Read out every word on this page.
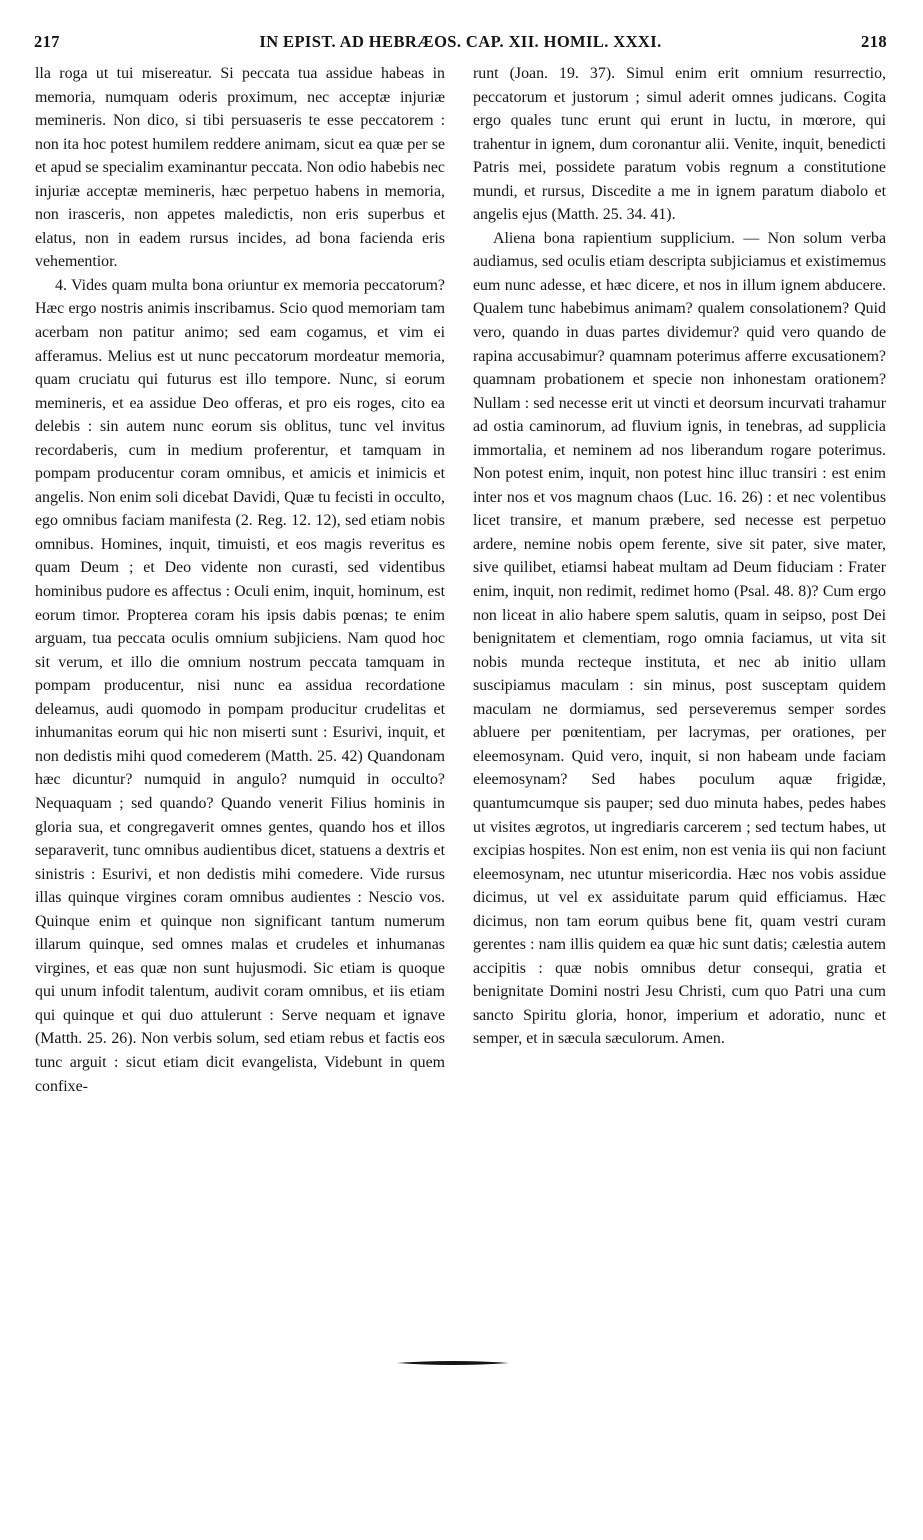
217	IN EPIST. AD HEBRÆOS. CAP. XII. HOMIL. XXXI.	218

lla roga ut tui misereatur. Si peccata tua assidue habeas in memoria, numquam oderis proximum, nec acceptæ injuriæ memineris. Non dico, si tibi persuaseris te esse peccatorem : non ita hoc potest humilem reddere animam, sicut ea quæ per se et apud se specialim examinantur peccata. Non odio habebis nec injuriæ acceptæ memineris, hæc perpetuo habens in memoria, non irasceris, non appetes maledictis, non eris superbus et elatus, non in eadem rursus incides, ad bona facienda eris vehementior.

4. Vides quam multa bona oriuntur ex memoria peccatorum? Hæc ergo nostris animis inscribamus. Scio quod memoriam tam acerbam non patitur animo; sed eam cogamus, et vim ei afferamus. Melius est ut nunc peccatorum mordeatur memoria, quam cruciatu qui futurus est illo tempore. Nunc, si eorum memineris, et ea assidue Deo offeras, et pro eis roges, cito ea delebis : sin autem nunc eorum sis oblitus, tunc vel invitus recordaberis, cum in medium proferentur, et tamquam in pompam producentur coram omnibus, et amicis et inimicis et angelis. Non enim soli dicebat Davidi, Quæ tu fecisti in occulto, ego omnibus faciam manifesta (2. Reg. 12. 12), sed etiam nobis omnibus. Homines, inquit, timuisti, et eos magis reveritus es quam Deum ; et Deo vidente non curasti, sed videntibus hominibus pudore es affectus : Oculi enim, inquit, hominum, est eorum timor. Propterea coram his ipsis dabis pœnas; te enim arguam, tua peccata oculis omnium subjiciens. Nam quod hoc sit verum, et illo die omnium nostrum peccata tamquam in pompam producentur, nisi nunc ea assidua recordatione deleamus, audi quomodo in pompam producitur crudelitas et inhumanitas eorum qui hic non miserti sunt : Esurivi, inquit, et non dedistis mihi quod comederem (Matth. 25. 42) Quandonam hæc dicuntur? numquid in angulo? numquid in occulto? Nequaquam ; sed quando? Quando venerit Filius hominis in gloria sua, et congregaverit omnes gentes, quando hos et illos separaverit, tunc omnibus audientibus dicet, statuens a dextris et sinistris : Esurivi, et non dedistis mihi comedere. Vide rursus illas quinque virgines coram omnibus audientes : Nescio vos. Quinque enim et quinque non significant tantum numerum illarum quinque, sed omnes malas et crudeles et inhumanas virgines, et eas quæ non sunt hujusmodi. Sic etiam is quoque qui unum infodit talentum, audivit coram omnibus, et iis etiam qui quinque et qui duo attulerunt : Serve nequam et ignave (Matth. 25. 26). Non verbis solum, sed etiam rebus et factis eos tunc arguit : sicut etiam dicit evangelista, Videbunt in quem confixe-

runt (Joan. 19. 37). Simul enim erit omnium resurrectio, peccatorum et justorum ; simul aderit omnes judicans. Cogita ergo quales tunc erunt qui erunt in luctu, in mœrore, qui trahentur in ignem, dum coronantur alii. Venite, inquit, benedicti Patris mei, possidete paratum vobis regnum a constitutione mundi, et rursus, Discedite a me in ignem paratum diabolo et angelis ejus (Matth. 25. 34. 41).

Aliena bona rapientium supplicium. — Non solum verba audiamus, sed oculis etiam descripta subjiciamus et existimemus eum nunc adesse, et hæc dicere, et nos in illum ignem abducere. Qualem tunc habebimus animam? qualem consolationem? Quid vero, quando in duas partes dividemur? quid vero quando de rapina accusabimur? quamnam poterimus afferre excusationem? quamnam probationem et specie non inhonestam orationem? Nullam : sed necesse erit ut vincti et deorsum incurvati trahamur ad ostia caminorum, ad fluvium ignis, in tenebras, ad supplicia immortalia, et neminem ad nos liberandum rogare poterimus. Non potest enim, inquit, non potest hinc illuc transiri : est enim inter nos et vos magnum chaos (Luc. 16. 26) : et nec volentibus licet transire, et manum præbere, sed necesse est perpetuo ardere, nemine nobis opem ferente, sive sit pater, sive mater, sive quilibet, etiamsi habeat multam ad Deum fiduciam : Frater enim, inquit, non redimit, redimet homo (Psal. 48. 8)? Cum ergo non liceat in alio habere spem salutis, quam in seipso, post Dei benignitatem et clementiam, rogo omnia faciamus, ut vita sit nobis munda recteque instituta, et nec ab initio ullam suscipiamus maculam : sin minus, post susceptam quidem maculam ne dormiamus, sed perseveremus semper sordes abluere per pœnitentiam, per lacrymas, per orationes, per eleemosynam. Quid vero, inquit, si non habeam unde faciam eleemosynam? Sed habes poculum aquæ frigidæ, quantumcumque sis pauper; sed duo minuta habes, pedes habes ut visites ægrotos, ut ingrediaris carcerem ; sed tectum habes, ut excipias hospites. Non est enim, non est venia iis qui non faciunt eleemosynam, nec utuntur misericordia. Hæc nos vobis assidue dicimus, ut vel ex assiduitate parum quid efficiamus. Hæc dicimus, non tam eorum quibus bene fit, quam vestri curam gerentes : nam illis quidem ea quæ hic sunt datis; cælestia autem accipitis : quæ nobis omnibus detur consequi, gratia et benignitate Domini nostri Jesu Christi, cum quo Patri una cum sancto Spiritu gloria, honor, imperium et adoratio, nunc et semper, et in sæcula sæculorum. Amen.
